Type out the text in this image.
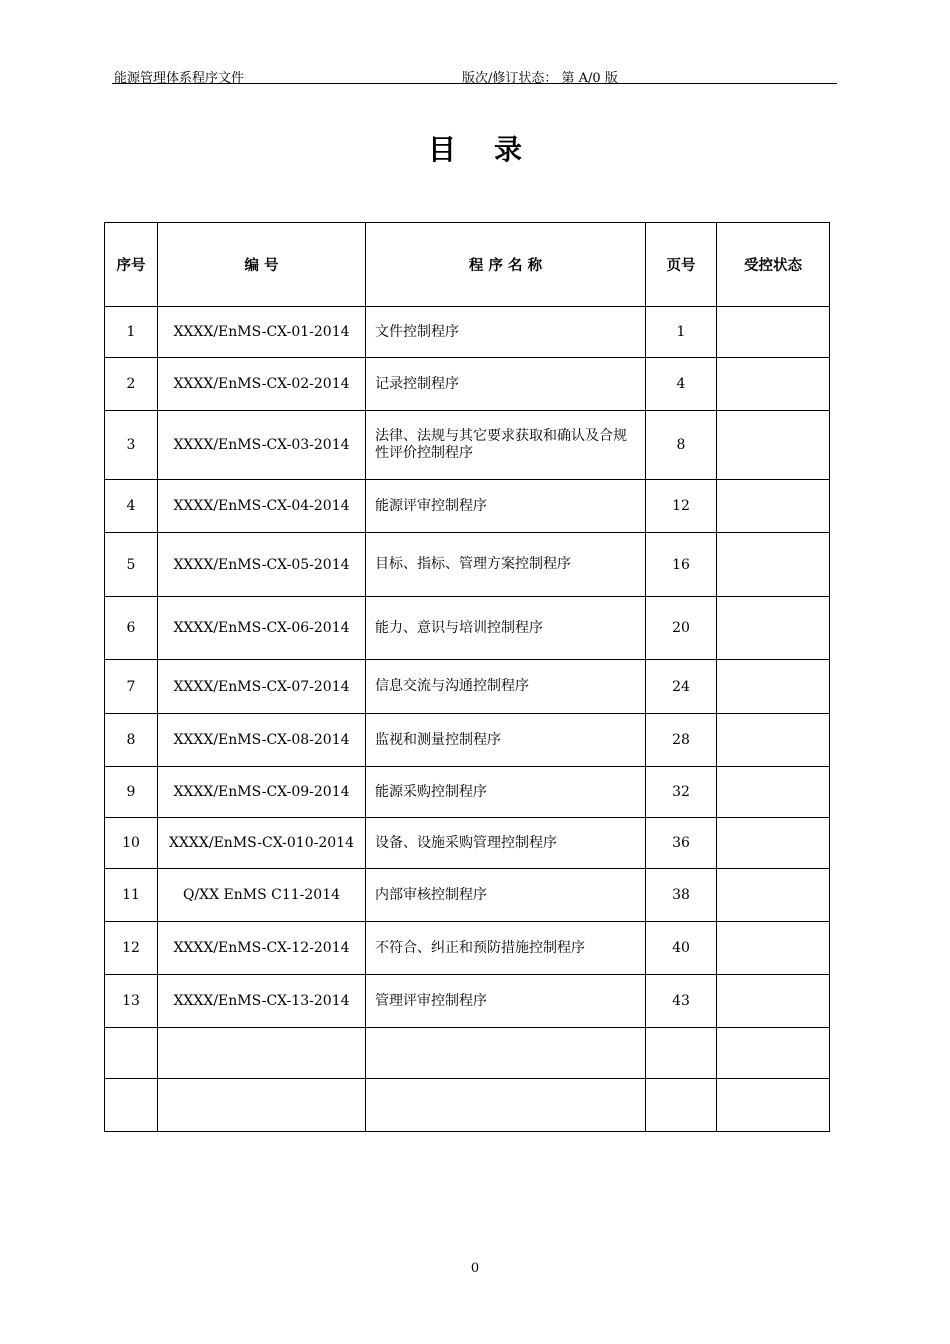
能源管理体系程序文件	版次/修订状态： 第 A/0 版
目录
序号	编 号	程 序 名 称	页号	受控状态
1	XXXX/EnMS-CX-01-2014	文件控制程序	1	
2	XXXX/EnMS-CX-02-2014	记录控制程序	4	
3	XXXX/EnMS-CX-03-2014	法律、法规与其它要求获取和确认及合规性评价控制程序	8	
4	XXXX/EnMS-CX-04-2014	能源评审控制程序	12	
5	XXXX/EnMS-CX-05-2014	目标、指标、管理方案控制程序	16	
6	XXXX/EnMS-CX-06-2014	能力、意识与培训控制程序	20	
7	XXXX/EnMS-CX-07-2014	信息交流与沟通控制程序	24	
8	XXXX/EnMS-CX-08-2014	监视和测量控制程序	28	
9	XXXX/EnMS-CX-09-2014	能源采购控制程序	32	
10	XXXX/EnMS-CX-010-2014	设备、设施采购管理控制程序	36	
11	Q/XX EnMS C11-2014	内部审核控制程序	38	
12	XXXX/EnMS-CX-12-2014	不符合、纠正和预防措施控制程序	40	
13	XXXX/EnMS-CX-13-2014	管理评审控制程序	43	

0
